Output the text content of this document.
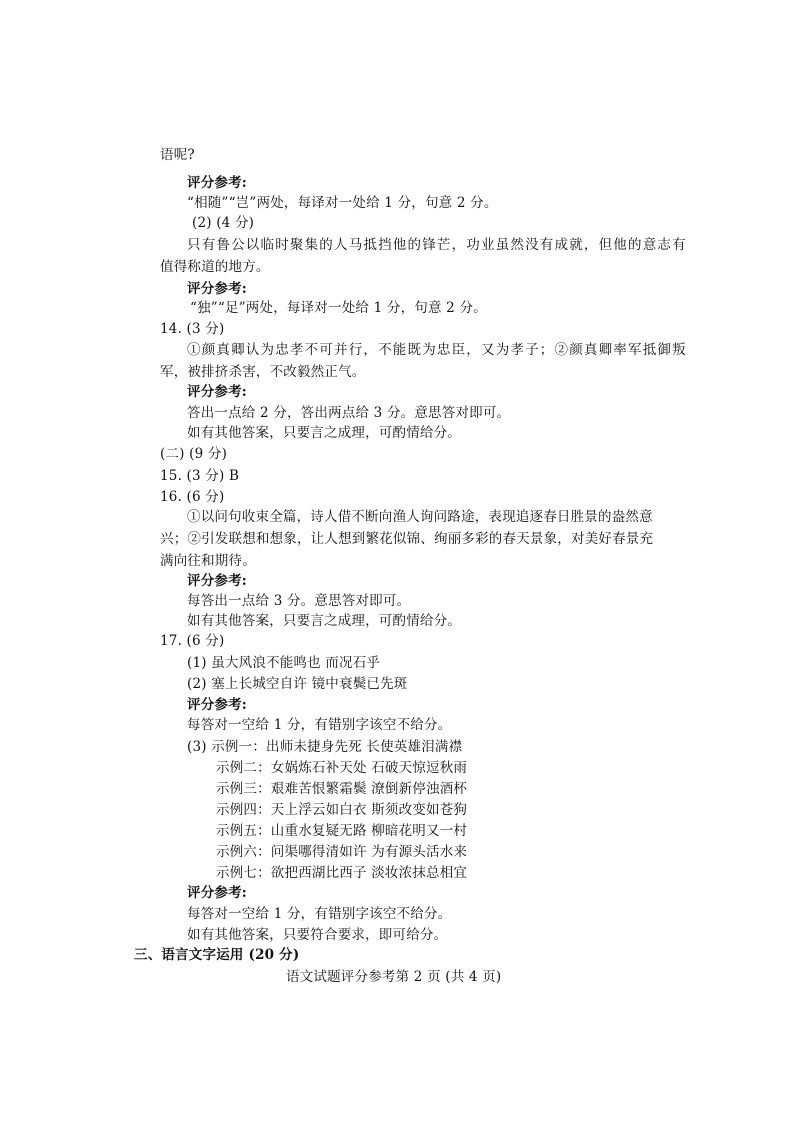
语呢?
评分参考:
“相随”“岂”两处，每译对一处给 1 分，句意 2 分。
(2) (4 分)
只有鲁公以临时聚集的人马抵挡他的锋芒，功业虽然没有成就，但他的意志有
值得称道的地方。
评分参考:
“独”“足”两处，每译对一处给 1 分，句意 2 分。
14. (3 分)
①颜真卿认为忠孝不可并行，不能既为忠臣，又为孝子；②颜真卿率军抵御叛
军，被排挤杀害，不改毅然正气。
评分参考:
答出一点给 2 分，答出两点给 3 分。意思答对即可。
如有其他答案，只要言之成理，可酌情给分。
(二) (9 分)
15. (3 分) B
16. (6 分)
①以问句收束全篇，诗人借不断向渔人询问路途，表现追逐春日胜景的盎然意
兴；②引发联想和想象，让人想到繁花似锦、绚丽多彩的春天景象，对美好春景充
满向往和期待。
评分参考:
每答出一点给 3 分。意思答对即可。
如有其他答案，只要言之成理，可酌情给分。
17. (6 分)
(1) 虽大风浪不能鸣也 而况石乎
(2) 塞上长城空自许 镜中衰鬓已先斑
评分参考:
每答对一空给 1 分，有错别字该空不给分。
(3) 示例一：出师未捷身先死 长使英雄泪满襟
示例二：女娲炼石补天处 石破天惊逗秋雨
示例三：艰难苦恨繁霜鬓 潦倒新停浊酒杯
示例四：天上浮云如白衣 斯须改变如苍狗
示例五：山重水复疑无路 柳暗花明又一村
示例六：问渠哪得清如许 为有源头活水来
示例七：欲把西湖比西子 淡妆浓抹总相宜
评分参考:
每答对一空给 1 分，有错别字该空不给分。
如有其他答案，只要符合要求，即可给分。
三、语言文字运用 (20 分)
语文试题评分参考第 2 页 (共 4 页)
